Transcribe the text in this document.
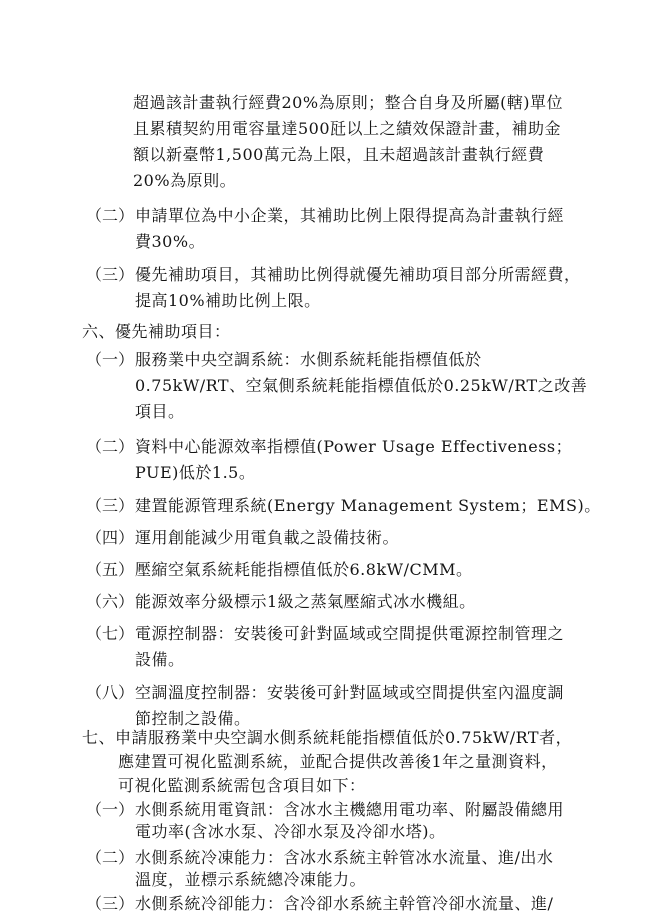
超過該計畫執行經費20%為原則；整合自身及所屬(轄)單位
且累積契約用電容量達500瓩以上之績效保證計畫，補助金
額以新臺幣1,500萬元為上限，且未超過該計畫執行經費
20%為原則。
（二） 申請單位為中小企業，其補助比例上限得提高為計畫執行經
費30%。
（三） 優先補助項目，其補助比例得就優先補助項目部分所需經費，
提高10%補助比例上限。
六、優先補助項目：
（一） 服務業中央空調系統：水側系統耗能指標值低於
0.75kW/RT、空氣側系統耗能指標值低於0.25kW/RT之改善
項目。
（二） 資料中心能源效率指標值(Power Usage Effectiveness；
PUE)低於1.5。
（三） 建置能源管理系統(Energy Management System；EMS)。
（四） 運用創能減少用電負載之設備技術。
（五） 壓縮空氣系統耗能指標值低於6.8kW/CMM。
（六） 能源效率分級標示1級之蒸氣壓縮式冰水機組。
（七） 電源控制器：安裝後可針對區域或空間提供電源控制管理之
設備。
（八） 空調溫度控制器：安裝後可針對區域或空間提供室內溫度調
節控制之設備。
七、申請服務業中央空調水側系統耗能指標值低於0.75kW/RT者，
應建置可視化監測系統，並配合提供改善後1年之量測資料，
可視化監測系統需包含項目如下：
（一） 水側系統用電資訊：含冰水主機總用電功率、附屬設備總用
電功率(含冰水泵、冷卻水泵及冷卻水塔)。
（二） 水側系統冷凍能力：含冰水系統主幹管冰水流量、進/出水
溫度，並標示系統總冷凍能力。
（三） 水側系統冷卻能力：含冷卻水系統主幹管冷卻水流量、進/
